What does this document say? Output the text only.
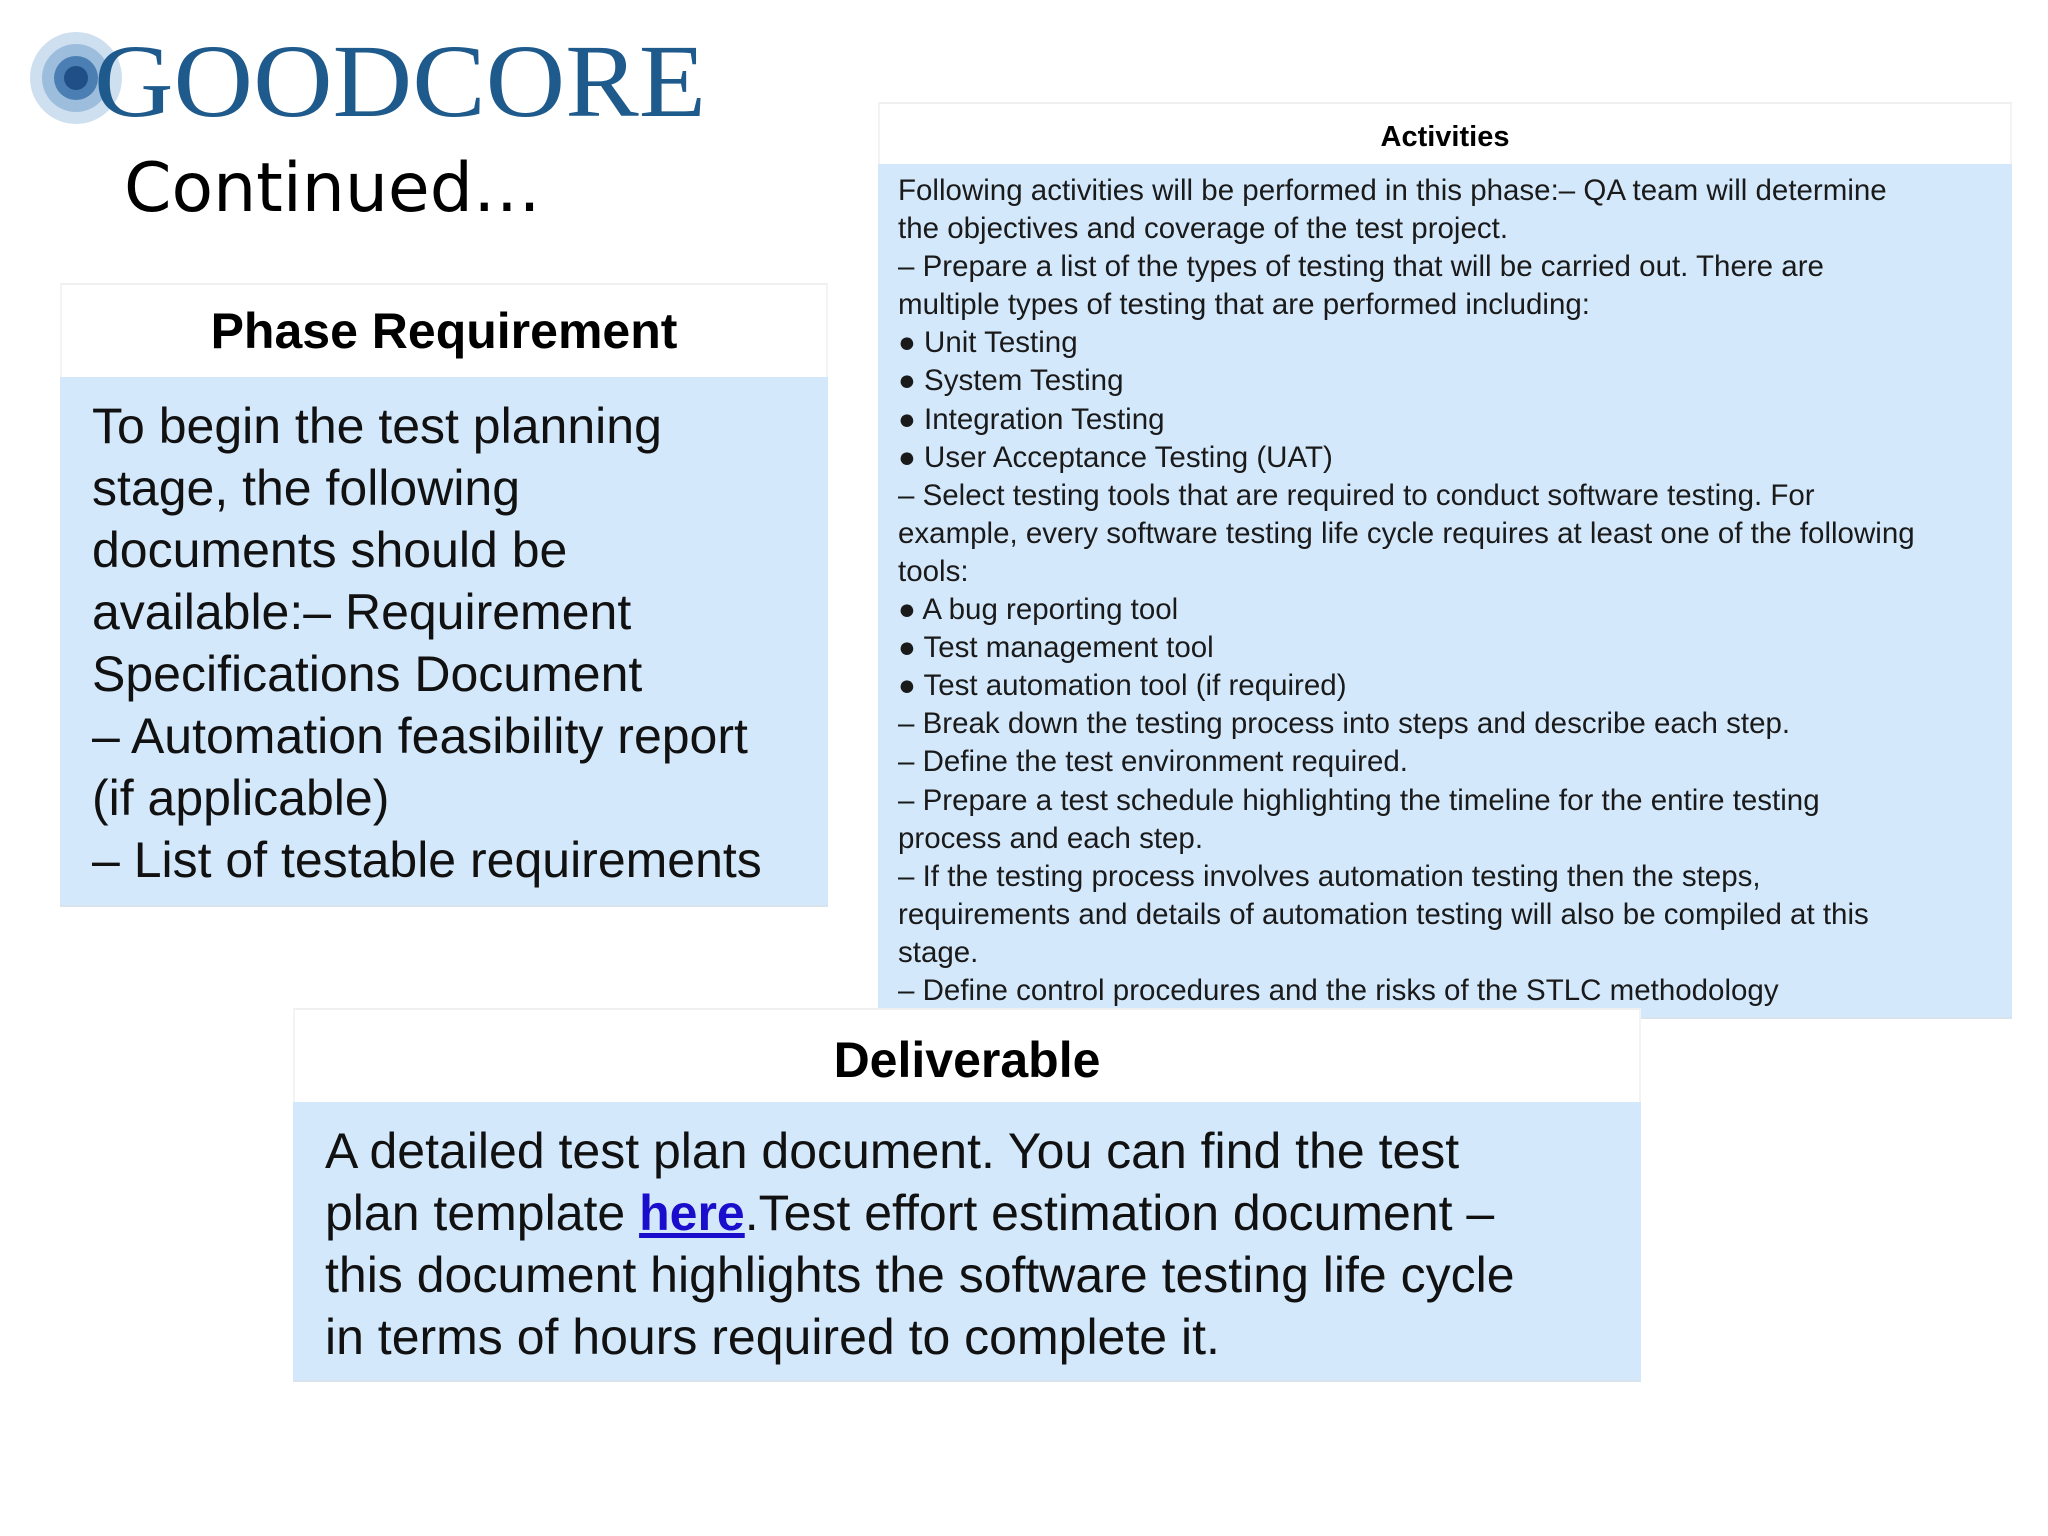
GOODCORE
Continued…
Phase Requirement
To begin the test planning
stage, the following
documents should be
available:– Requirement
Specifications Document
– Automation feasibility report
(if applicable)
– List of testable requirements
Activities
Following activities will be performed in this phase:– QA team will determine
the objectives and coverage of the test project.
– Prepare a list of the types of testing that will be carried out. There are
multiple types of testing that are performed including:
● Unit Testing
● System Testing
● Integration Testing
● User Acceptance Testing (UAT)
– Select testing tools that are required to conduct software testing. For
example, every software testing life cycle requires at least one of the following
tools:
● A bug reporting tool
● Test management tool
● Test automation tool (if required)
– Break down the testing process into steps and describe each step.
– Define the test environment required.
– Prepare a test schedule highlighting the timeline for the entire testing
process and each step.
– If the testing process involves automation testing then the steps,
requirements and details of automation testing will also be compiled at this
stage.
– Define control procedures and the risks of the STLC methodology
Deliverable
A detailed test plan document. You can find the test
plan template here.Test effort estimation document –
this document highlights the software testing life cycle
in terms of hours required to complete it.
